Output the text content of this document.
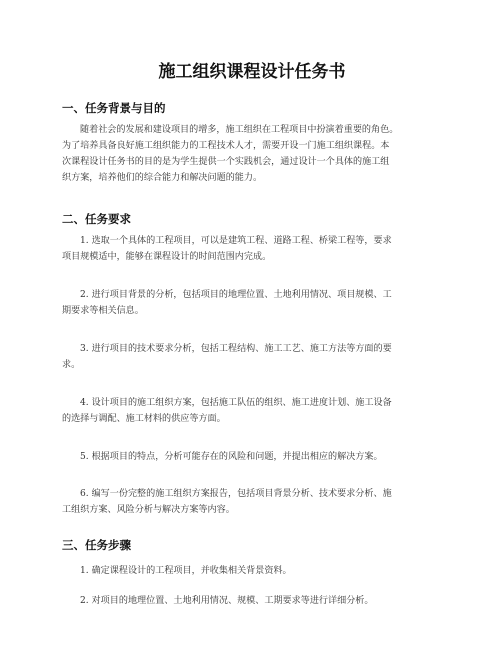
施工组织课程设计任务书
一、任务背景与目的

随着社会的发展和建设项目的增多，施工组织在工程项目中扮演着重要的角色。
为了培养具备良好施工组织能力的工程技术人才，需要开设一门施工组织课程。本
次课程设计任务书的目的是为学生提供一个实践机会，通过设计一个具体的施工组
织方案，培养他们的综合能力和解决问题的能力。

二、任务要求

1. 选取一个具体的工程项目，可以是建筑工程、道路工程、桥梁工程等，要求
项目规模适中，能够在课程设计的时间范围内完成。

2. 进行项目背景的分析，包括项目的地理位置、土地利用情况、项目规模、工
期要求等相关信息。

3. 进行项目的技术要求分析，包括工程结构、施工工艺、施工方法等方面的要
求。

4. 设计项目的施工组织方案，包括施工队伍的组织、施工进度计划、施工设备
的选择与调配、施工材料的供应等方面。

5. 根据项目的特点，分析可能存在的风险和问题，并提出相应的解决方案。

6. 编写一份完整的施工组织方案报告，包括项目背景分析、技术要求分析、施
工组织方案、风险分析与解决方案等内容。

三、任务步骤

1. 确定课程设计的工程项目，并收集相关背景资料。

2. 对项目的地理位置、土地利用情况、规模、工期要求等进行详细分析。
